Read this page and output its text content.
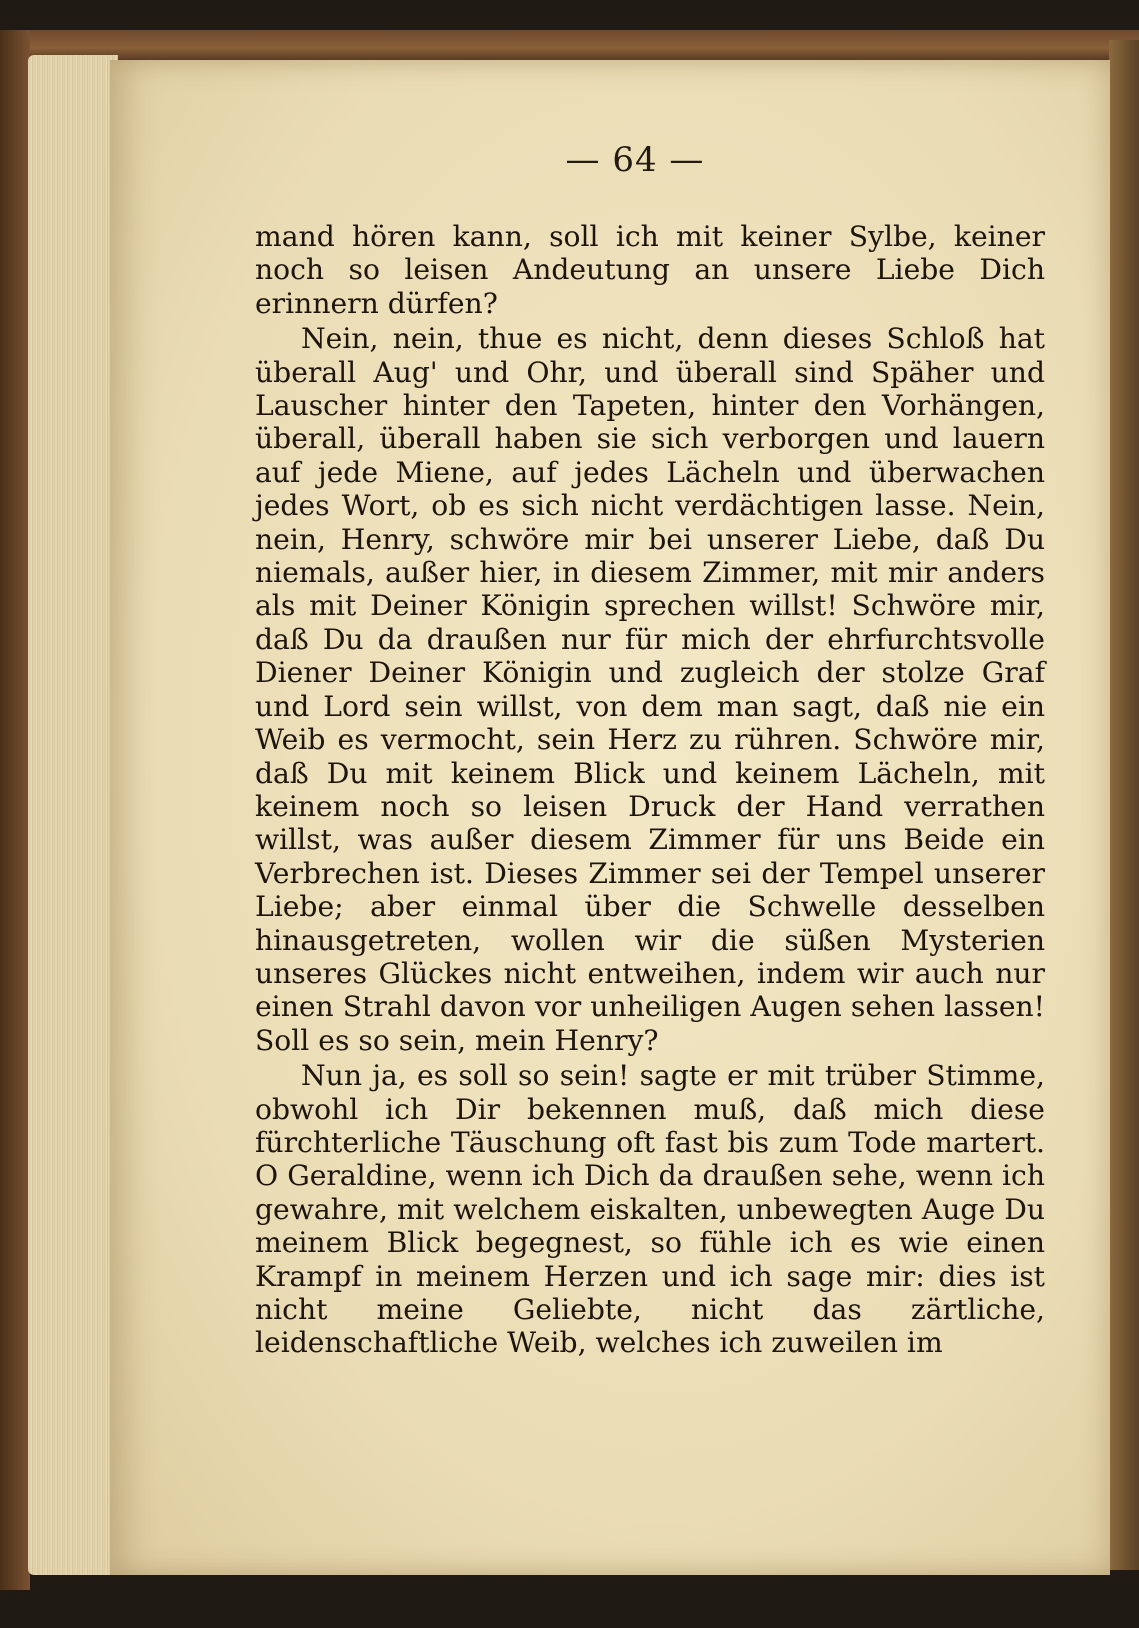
— 64 —

mand hören kann, soll ich mit keiner Sylbe, keiner noch so leisen Andeutung an unsere Liebe Dich erinnern dürfen?

Nein, nein, thue es nicht, denn dieses Schloß hat überall Aug' und Ohr, und überall sind Späher und Lauscher hinter den Tapeten, hinter den Vorhängen, überall, überall haben sie sich verborgen und lauern auf jede Miene, auf jedes Lächeln und überwachen jedes Wort, ob es sich nicht verdächtigen lasse. Nein, nein, Henry, schwöre mir bei unserer Liebe, daß Du niemals, außer hier, in diesem Zimmer, mit mir anders als mit Deiner Königin sprechen willst! Schwöre mir, daß Du da draußen nur für mich der ehrfurchtsvolle Diener Deiner Königin und zugleich der stolze Graf und Lord sein willst, von dem man sagt, daß nie ein Weib es vermocht, sein Herz zu rühren. Schwöre mir, daß Du mit keinem Blick und keinem Lächeln, mit keinem noch so leisen Druck der Hand verrathen willst, was außer diesem Zimmer für uns Beide ein Verbrechen ist. Dieses Zimmer sei der Tempel unserer Liebe; aber einmal über die Schwelle desselben hinausgetreten, wollen wir die süßen Mysterien unseres Glückes nicht entweihen, indem wir auch nur einen Strahl davon vor unheiligen Augen sehen lassen! Soll es so sein, mein Henry?

Nun ja, es soll so sein! sagte er mit trüber Stimme, obwohl ich Dir bekennen muß, daß mich diese fürchterliche Täuschung oft fast bis zum Tode martert. O Geraldine, wenn ich Dich da draußen sehe, wenn ich gewahre, mit welchem eiskalten, unbewegten Auge Du meinem Blick begegnest, so fühle ich es wie einen Krampf in meinem Herzen und ich sage mir: dies ist nicht meine Geliebte, nicht das zärtliche, leidenschaftliche Weib, welches ich zuweilen im
